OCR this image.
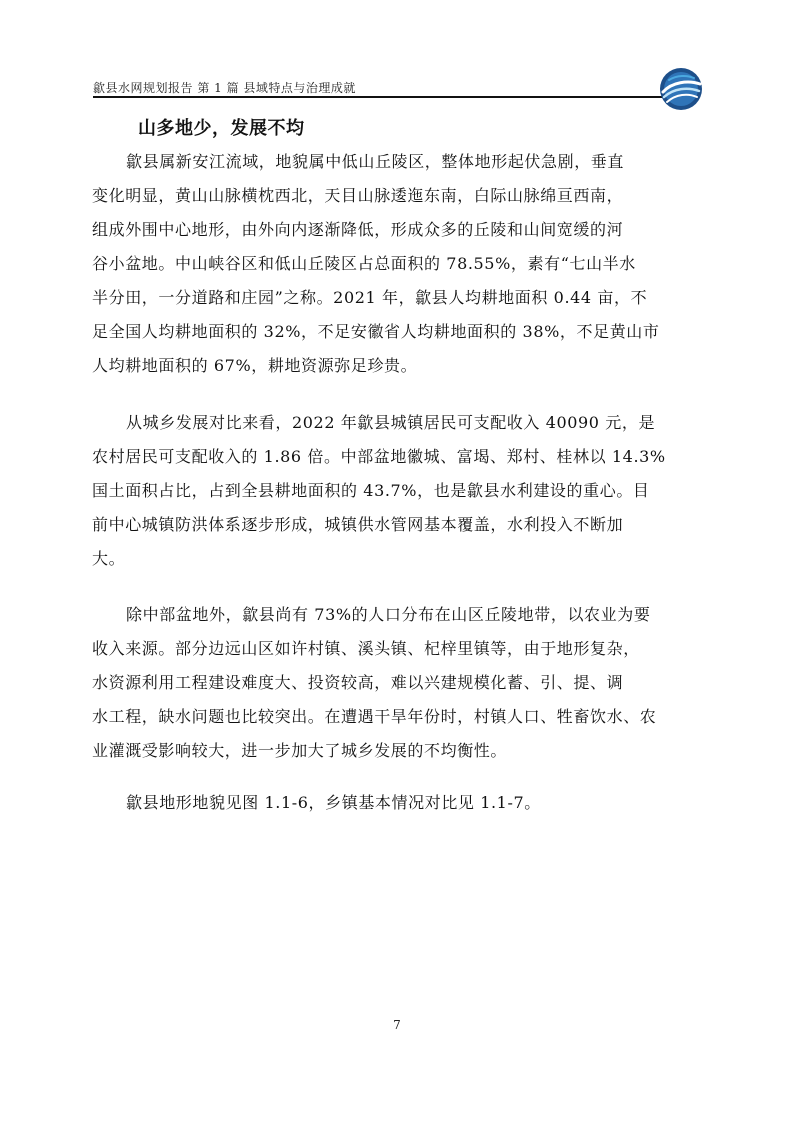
歙县水网规划报告 第 1 篇 县域特点与治理成就
山多地少，发展不均
歙县属新安江流域，地貌属中低山丘陵区，整体地形起伏急剧，垂直
变化明显，黄山山脉横枕西北，天目山脉逶迤东南，白际山脉绵亘西南，
组成外围中心地形，由外向内逐渐降低，形成众多的丘陵和山间宽缓的河
谷小盆地。中山峡谷区和低山丘陵区占总面积的 78.55%，素有“七山半水
半分田，一分道路和庄园”之称。2021 年，歙县人均耕地面积 0.44 亩，不
足全国人均耕地面积的 32%，不足安徽省人均耕地面积的 38%，不足黄山市
人均耕地面积的 67%，耕地资源弥足珍贵。
从城乡发展对比来看，2022 年歙县城镇居民可支配收入 40090 元，是
农村居民可支配收入的 1.86 倍。中部盆地徽城、富堨、郑村、桂林以 14.3%
国土面积占比，占到全县耕地面积的 43.7%，也是歙县水利建设的重心。目
前中心城镇防洪体系逐步形成，城镇供水管网基本覆盖，水利投入不断加
大。
除中部盆地外，歙县尚有 73%的人口分布在山区丘陵地带，以农业为要
收入来源。部分边远山区如许村镇、溪头镇、杞梓里镇等，由于地形复杂，
水资源利用工程建设难度大、投资较高，难以兴建规模化蓄、引、提、调
水工程，缺水问题也比较突出。在遭遇干旱年份时，村镇人口、牲畜饮水、农
业灌溉受影响较大，进一步加大了城乡发展的不均衡性。
歙县地形地貌见图 1.1-6，乡镇基本情况对比见 1.1-7。
7
